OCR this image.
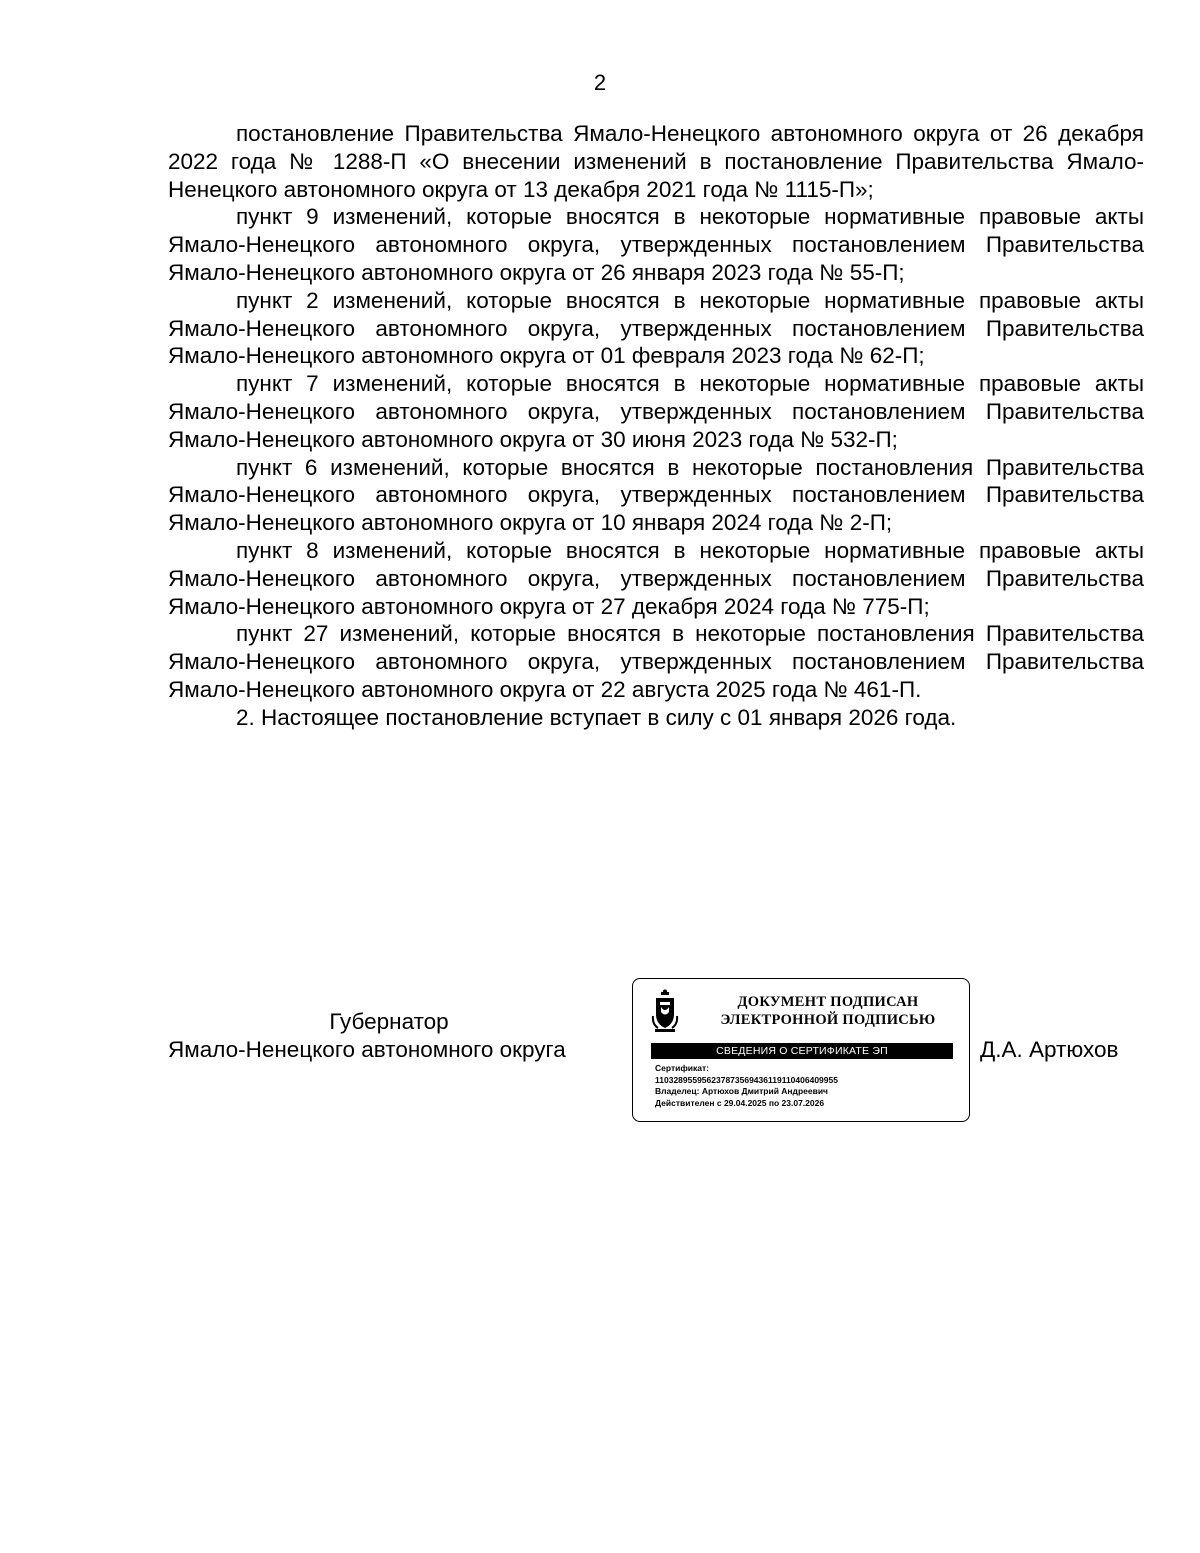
2

постановление Правительства Ямало-Ненецкого автономного округа от 26 декабря 2022 года № 1288-П «О внесении изменений в постановление Правительства Ямало-Ненецкого автономного округа от 13 декабря 2021 года № 1115-П»;

пункт 9 изменений, которые вносятся в некоторые нормативные правовые акты Ямало-Ненецкого автономного округа, утвержденных постановлением Правительства Ямало-Ненецкого автономного округа от 26 января 2023 года № 55-П;

пункт 2 изменений, которые вносятся в некоторые нормативные правовые акты Ямало-Ненецкого автономного округа, утвержденных постановлением Правительства Ямало-Ненецкого автономного округа от 01 февраля 2023 года № 62-П;

пункт 7 изменений, которые вносятся в некоторые нормативные правовые акты Ямало-Ненецкого автономного округа, утвержденных постановлением Правительства Ямало-Ненецкого автономного округа от 30 июня 2023 года № 532-П;

пункт 6 изменений, которые вносятся в некоторые постановления Правительства Ямало-Ненецкого автономного округа, утвержденных постановлением Правительства Ямало-Ненецкого автономного округа от 10 января 2024 года № 2-П;

пункт 8 изменений, которые вносятся в некоторые нормативные правовые акты Ямало-Ненецкого автономного округа, утвержденных постановлением Правительства Ямало-Ненецкого автономного округа от 27 декабря 2024 года № 775-П;

пункт 27 изменений, которые вносятся в некоторые постановления Правительства Ямало-Ненецкого автономного округа, утвержденных постановлением Правительства Ямало-Ненецкого автономного округа от 22 августа 2025 года № 461-П.

2. Настоящее постановление вступает в силу с 01 января 2026 года.

Губернатор
Ямало-Ненецкого автономного округа
ДОКУМЕНТ ПОДПИСАН
ЭЛЕКТРОННОЙ ПОДПИСЬЮ
СВЕДЕНИЯ О СЕРТИФИКАТЕ ЭП
Сертификат:
110328955956237873569436119110406409955
Владелец: Артюхов Дмитрий Андреевич
Действителен с 29.04.2025 по 23.07.2026
Д.А. Артюхов
